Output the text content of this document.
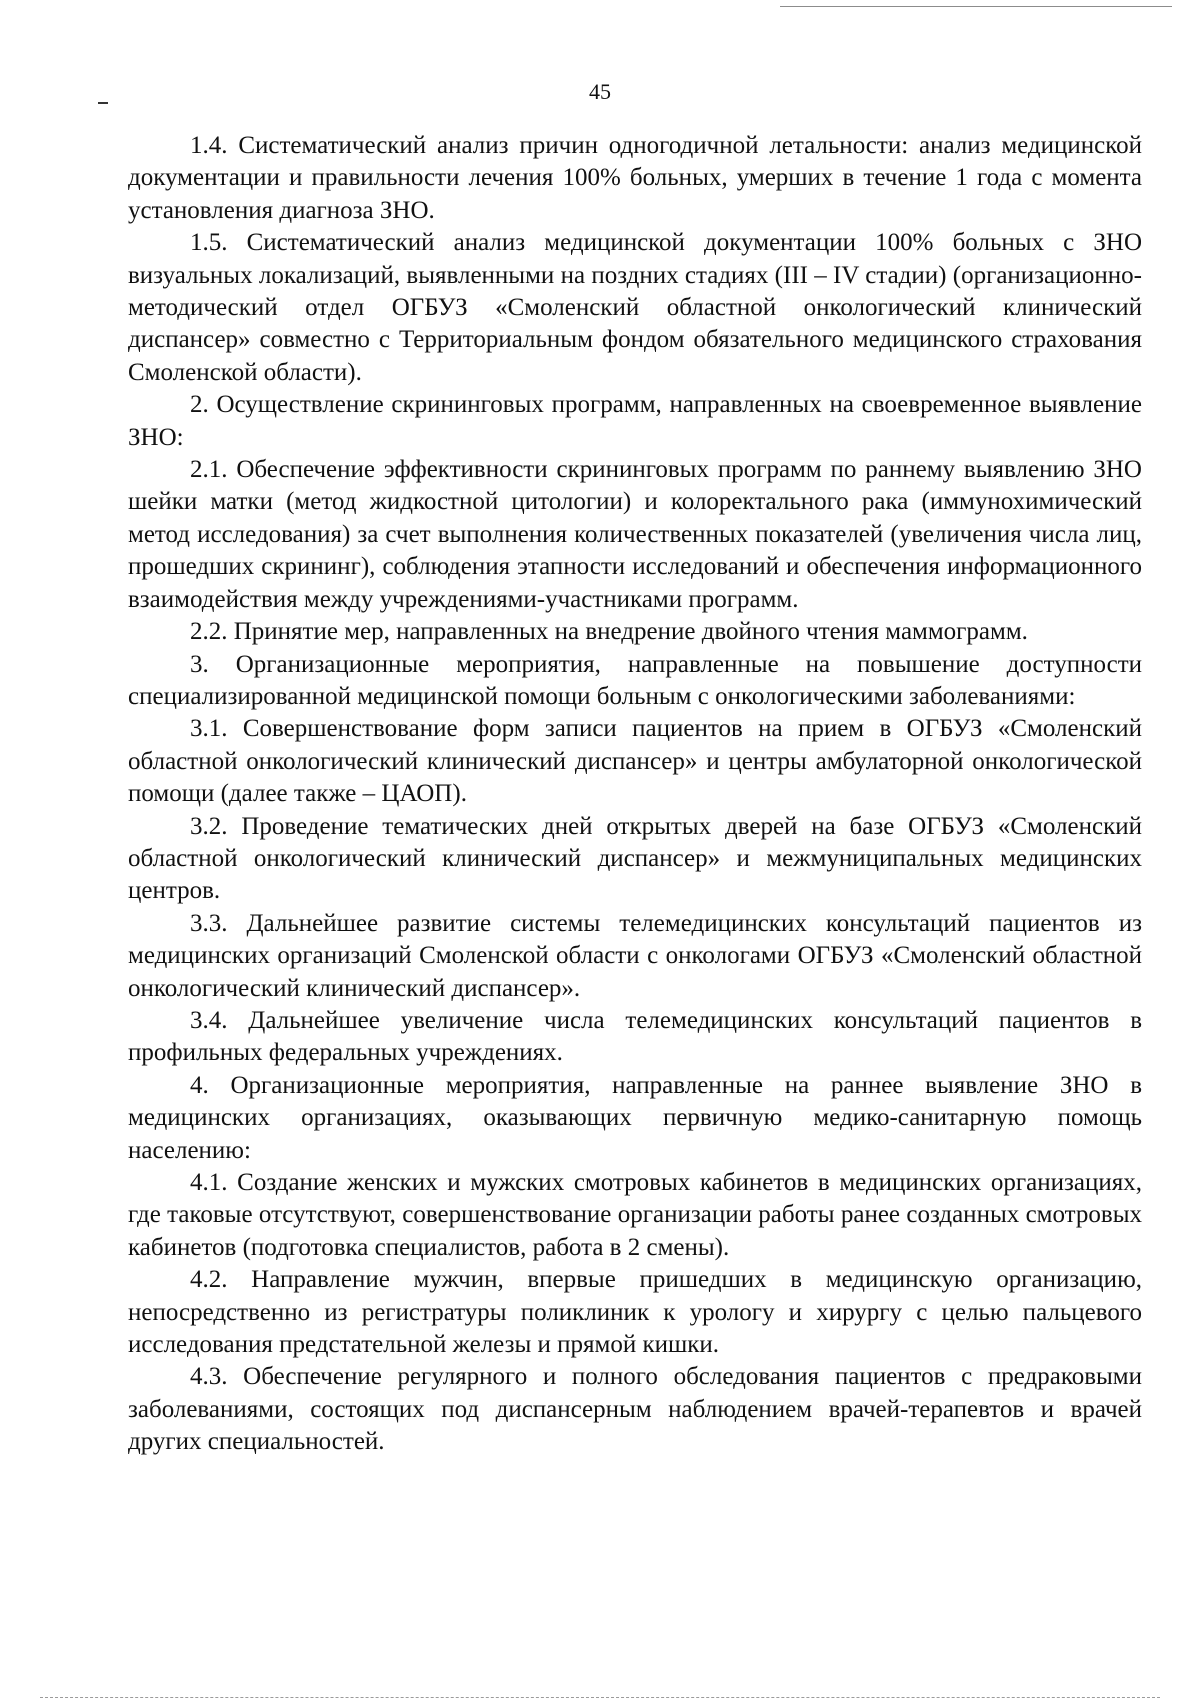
45

1.4. Систематический анализ причин одногодичной летальности: анализ медицинской документации и правильности лечения 100% больных, умерших в течение 1 года с момента установления диагноза ЗНО.

1.5. Систематический анализ медицинской документации 100% больных с ЗНО визуальных локализаций, выявленными на поздних стадиях (III – IV стадии) (организационно-методический отдел ОГБУЗ «Смоленский областной онкологический клинический диспансер» совместно с Территориальным фондом обязательного медицинского страхования Смоленской области).

2. Осуществление скрининговых программ, направленных на своевременное выявление ЗНО:

2.1. Обеспечение эффективности скрининговых программ по раннему выявлению ЗНО шейки матки (метод жидкостной цитологии) и колоректального рака (иммунохимический метод исследования) за счет выполнения количественных показателей (увеличения числа лиц, прошедших скрининг), соблюдения этапности исследований и обеспечения информационного взаимодействия между учреждениями-участниками программ.

2.2. Принятие мер, направленных на внедрение двойного чтения маммограмм.

3. Организационные мероприятия, направленные на повышение доступности специализированной медицинской помощи больным с онкологическими заболеваниями:

3.1. Совершенствование форм записи пациентов на прием в ОГБУЗ «Смоленский областной онкологический клинический диспансер» и центры амбулаторной онкологической помощи (далее также – ЦАОП).

3.2. Проведение тематических дней открытых дверей на базе ОГБУЗ «Смоленский областной онкологический клинический диспансер» и межмуниципальных медицинских центров.

3.3. Дальнейшее развитие системы телемедицинских консультаций пациентов из медицинских организаций Смоленской области с онкологами ОГБУЗ «Смоленский областной онкологический клинический диспансер».

3.4. Дальнейшее увеличение числа телемедицинских консультаций пациентов в профильных федеральных учреждениях.

4. Организационные мероприятия, направленные на раннее выявление ЗНО в медицинских организациях, оказывающих первичную медико-санитарную помощь населению:

4.1. Создание женских и мужских смотровых кабинетов в медицинских организациях, где таковые отсутствуют, совершенствование организации работы ранее созданных смотровых кабинетов (подготовка специалистов, работа в 2 смены).

4.2. Направление мужчин, впервые пришедших в медицинскую организацию, непосредственно из регистратуры поликлиник к урологу и хирургу с целью пальцевого исследования предстательной железы и прямой кишки.

4.3. Обеспечение регулярного и полного обследования пациентов с предраковыми заболеваниями, состоящих под диспансерным наблюдением врачей-терапевтов и врачей других специальностей.
